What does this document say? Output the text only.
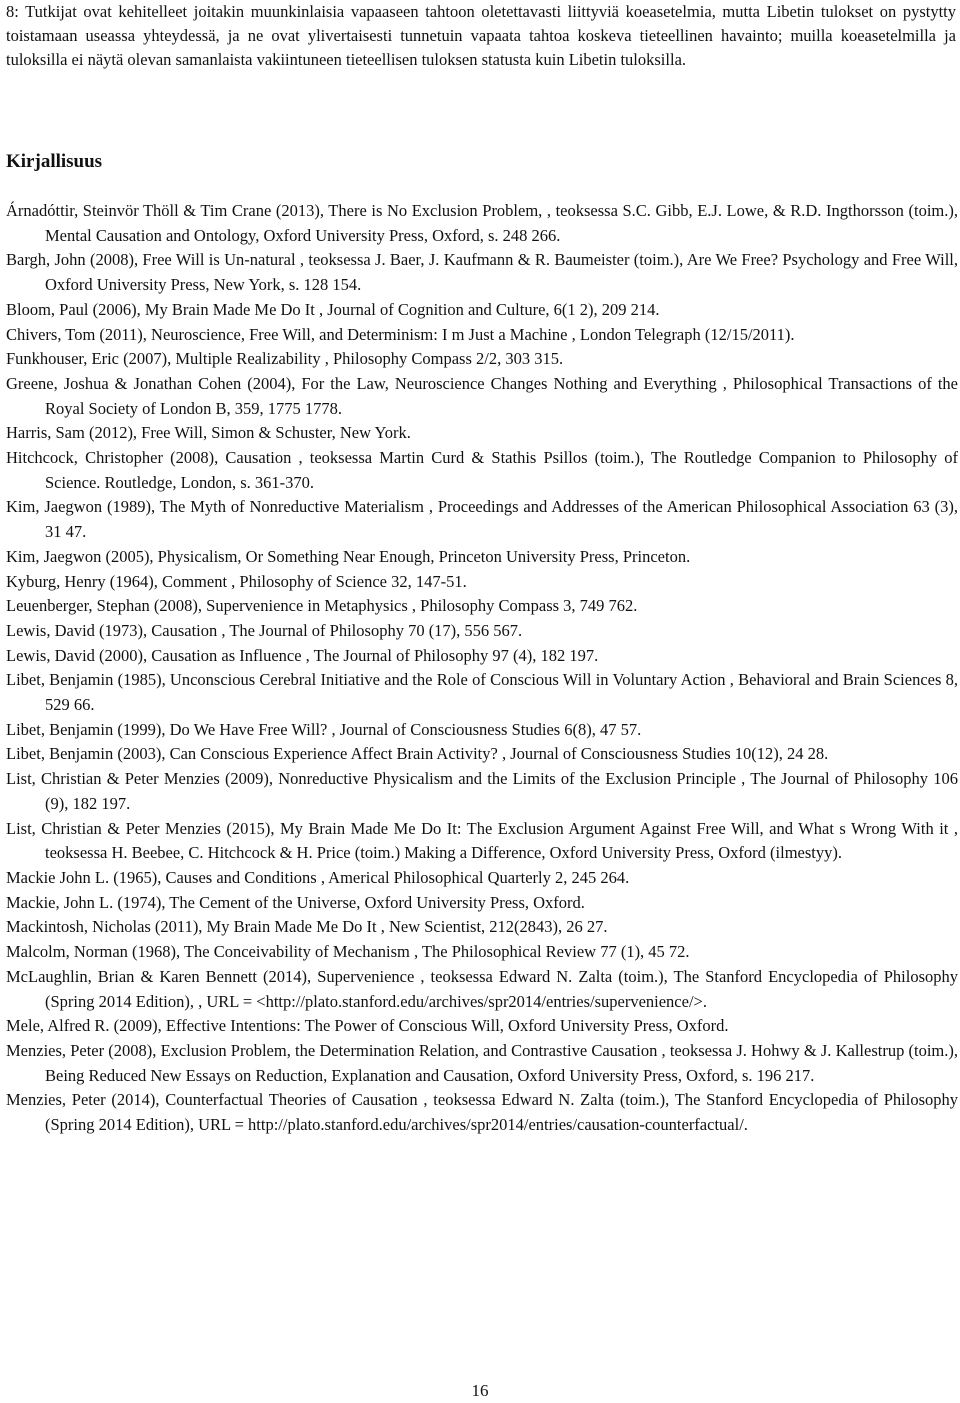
8: Tutkijat ovat kehitelleet joitakin muunkinlaisia vapaaseen tahtoon oletettavasti liittyviä koeasetelmia, mutta Libetin tulokset on pystytty toistamaan useassa yhteydessä, ja ne ovat ylivertaisesti tunnetuin vapaata tahtoa koskeva tieteellinen havainto; muilla koeasetelmilla ja tuloksilla ei näytä olevan samanlaista vakiintuneen tieteellisen tuloksen statusta kuin Libetin tuloksilla.

Kirjallisuus
Árnadóttir, Steinvör Thöll & Tim Crane (2013), There is No Exclusion Problem, , teoksessa S.C. Gibb, E.J. Lowe, & R.D. Ingthorsson (toim.), Mental Causation and Ontology, Oxford University Press, Oxford, s. 248 266.
Bargh, John (2008), Free Will is Un-natural , teoksessa J. Baer, J. Kaufmann & R. Baumeister (toim.), Are We Free? Psychology and Free Will, Oxford University Press, New York, s. 128 154.
Bloom, Paul (2006), My Brain Made Me Do It , Journal of Cognition and Culture, 6(1 2), 209 214.
Chivers, Tom (2011), Neuroscience, Free Will, and Determinism: I m Just a Machine , London Telegraph (12/15/2011).
Funkhouser, Eric (2007), Multiple Realizability , Philosophy Compass 2/2, 303 315.
Greene, Joshua & Jonathan Cohen (2004), For the Law, Neuroscience Changes Nothing and Everything , Philosophical Transactions of the Royal Society of London B, 359, 1775 1778.
Harris, Sam (2012), Free Will, Simon & Schuster, New York.
Hitchcock, Christopher (2008), Causation , teoksessa Martin Curd & Stathis Psillos (toim.), The Routledge Companion to Philosophy of Science. Routledge, London, s. 361-370.
Kim, Jaegwon (1989), The Myth of Nonreductive Materialism , Proceedings and Addresses of the American Philosophical Association 63 (3), 31 47.
Kim, Jaegwon (2005), Physicalism, Or Something Near Enough, Princeton University Press, Princeton.
Kyburg, Henry (1964), Comment , Philosophy of Science 32, 147-51.
Leuenberger, Stephan (2008), Supervenience in Metaphysics , Philosophy Compass 3, 749 762.
Lewis, David (1973), Causation , The Journal of Philosophy 70 (17), 556 567.
Lewis, David (2000), Causation as Influence , The Journal of Philosophy 97 (4), 182 197.
Libet, Benjamin (1985), Unconscious Cerebral Initiative and the Role of Conscious Will in Voluntary Action , Behavioral and Brain Sciences 8, 529 66.
Libet, Benjamin (1999), Do We Have Free Will? , Journal of Consciousness Studies 6(8), 47 57.
Libet, Benjamin (2003), Can Conscious Experience Affect Brain Activity? , Journal of Consciousness Studies 10(12), 24 28.
List, Christian & Peter Menzies (2009), Nonreductive Physicalism and the Limits of the Exclusion Principle , The Journal of Philosophy 106 (9), 182 197.
List, Christian & Peter Menzies (2015), My Brain Made Me Do It: The Exclusion Argument Against Free Will, and What s Wrong With it , teoksessa H. Beebee, C. Hitchcock & H. Price (toim.) Making a Difference, Oxford University Press, Oxford (ilmestyy).
Mackie John L. (1965), Causes and Conditions , Americal Philosophical Quarterly 2, 245 264.
Mackie, John L. (1974), The Cement of the Universe, Oxford University Press, Oxford.
Mackintosh, Nicholas (2011), My Brain Made Me Do It , New Scientist, 212(2843), 26 27.
Malcolm, Norman (1968), The Conceivability of Mechanism , The Philosophical Review 77 (1), 45 72.
McLaughlin, Brian & Karen Bennett (2014), Supervenience , teoksessa Edward N. Zalta (toim.), The Stanford Encyclopedia of Philosophy (Spring 2014 Edition), , URL = <http://plato.stanford.edu/archives/spr2014/entries/supervenience/>.
Mele, Alfred R. (2009), Effective Intentions: The Power of Conscious Will, Oxford University Press, Oxford.
Menzies, Peter (2008), Exclusion Problem, the Determination Relation, and Contrastive Causation , teoksessa J. Hohwy & J. Kallestrup (toim.), Being Reduced New Essays on Reduction, Explanation and Causation, Oxford University Press, Oxford, s. 196 217.
Menzies, Peter (2014), Counterfactual Theories of Causation , teoksessa Edward N. Zalta (toim.), The Stanford Encyclopedia of Philosophy (Spring 2014 Edition), URL = http://plato.stanford.edu/archives/spr2014/entries/causation-counterfactual/.
16
